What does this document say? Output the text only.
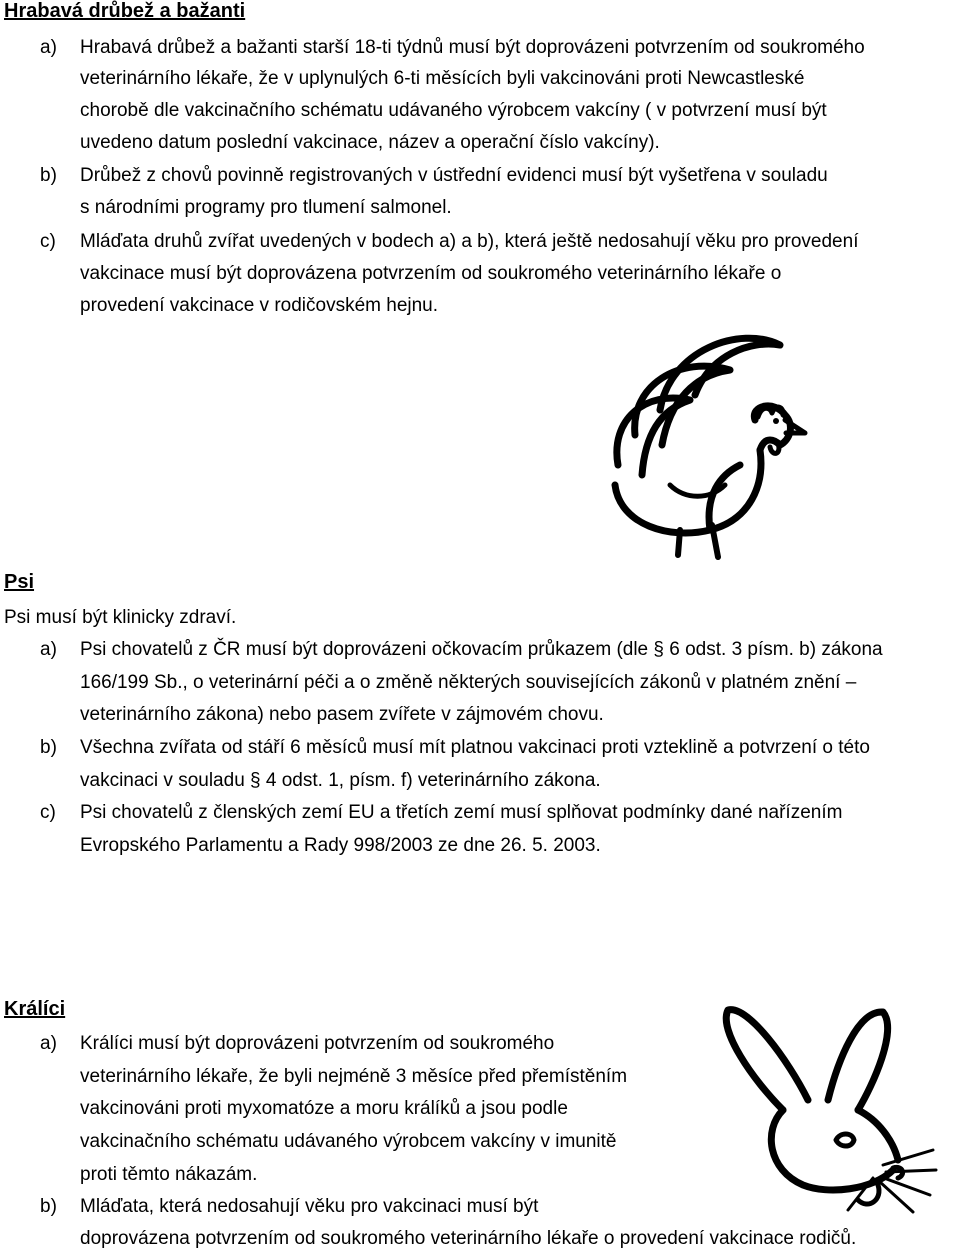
Hrabavá drůbež a bažanti
a) Hrabavá drůbež a bažanti starší 18-ti týdnů musí být doprovázeni potvrzením od soukromého
veterinárního lékaře, že v uplynulých 6-ti měsících byli vakcinováni proti Newcastleské
chorobě dle vakcinačního schématu udávaného výrobcem vakcíny ( v potvrzení musí být
uvedeno datum poslední vakcinace, název a operační číslo vakcíny).
b) Drůbež z chovů povinně registrovaných v ústřední evidenci musí být vyšetřena v souladu
s národními programy pro tlumení salmonel.
c) Mláďata druhů zvířat uvedených v bodech a) a b), která ještě nedosahují věku pro provedení
vakcinace musí být doprovázena potvrzením od soukromého veterinárního lékaře o
provedení vakcinace v rodičovském hejnu.
Psi
Psi musí být klinicky zdraví.
a) Psi chovatelů z ČR musí být doprovázeni očkovacím průkazem (dle § 6 odst. 3 písm. b) zákona
166/199 Sb., o veterinární péči a o změně některých souvisejících zákonů v platném znění –
veterinárního zákona) nebo pasem zvířete v zájmovém chovu.
b) Všechna zvířata od stáří 6 měsíců musí mít platnou vakcinaci proti vzteklině a potvrzení o této
vakcinaci v souladu § 4 odst. 1, písm. f) veterinárního zákona.
c) Psi chovatelů z členských zemí EU a třetích zemí musí splňovat podmínky dané nařízením
Evropského Parlamentu a Rady 998/2003 ze dne 26. 5. 2003.
Králíci
a) Králíci musí být doprovázeni potvrzením od soukromého
veterinárního lékaře, že byli nejméně 3 měsíce před přemístěním
vakcinováni proti myxomatóze a moru králíků a jsou podle
vakcinačního schématu udávaného výrobcem vakcíny v imunitě
proti těmto nákazám.
b) Mláďata, která nedosahují věku pro vakcinaci musí být
doprovázena potvrzením od soukromého veterinárního lékaře o provedení vakcinace rodičů.
